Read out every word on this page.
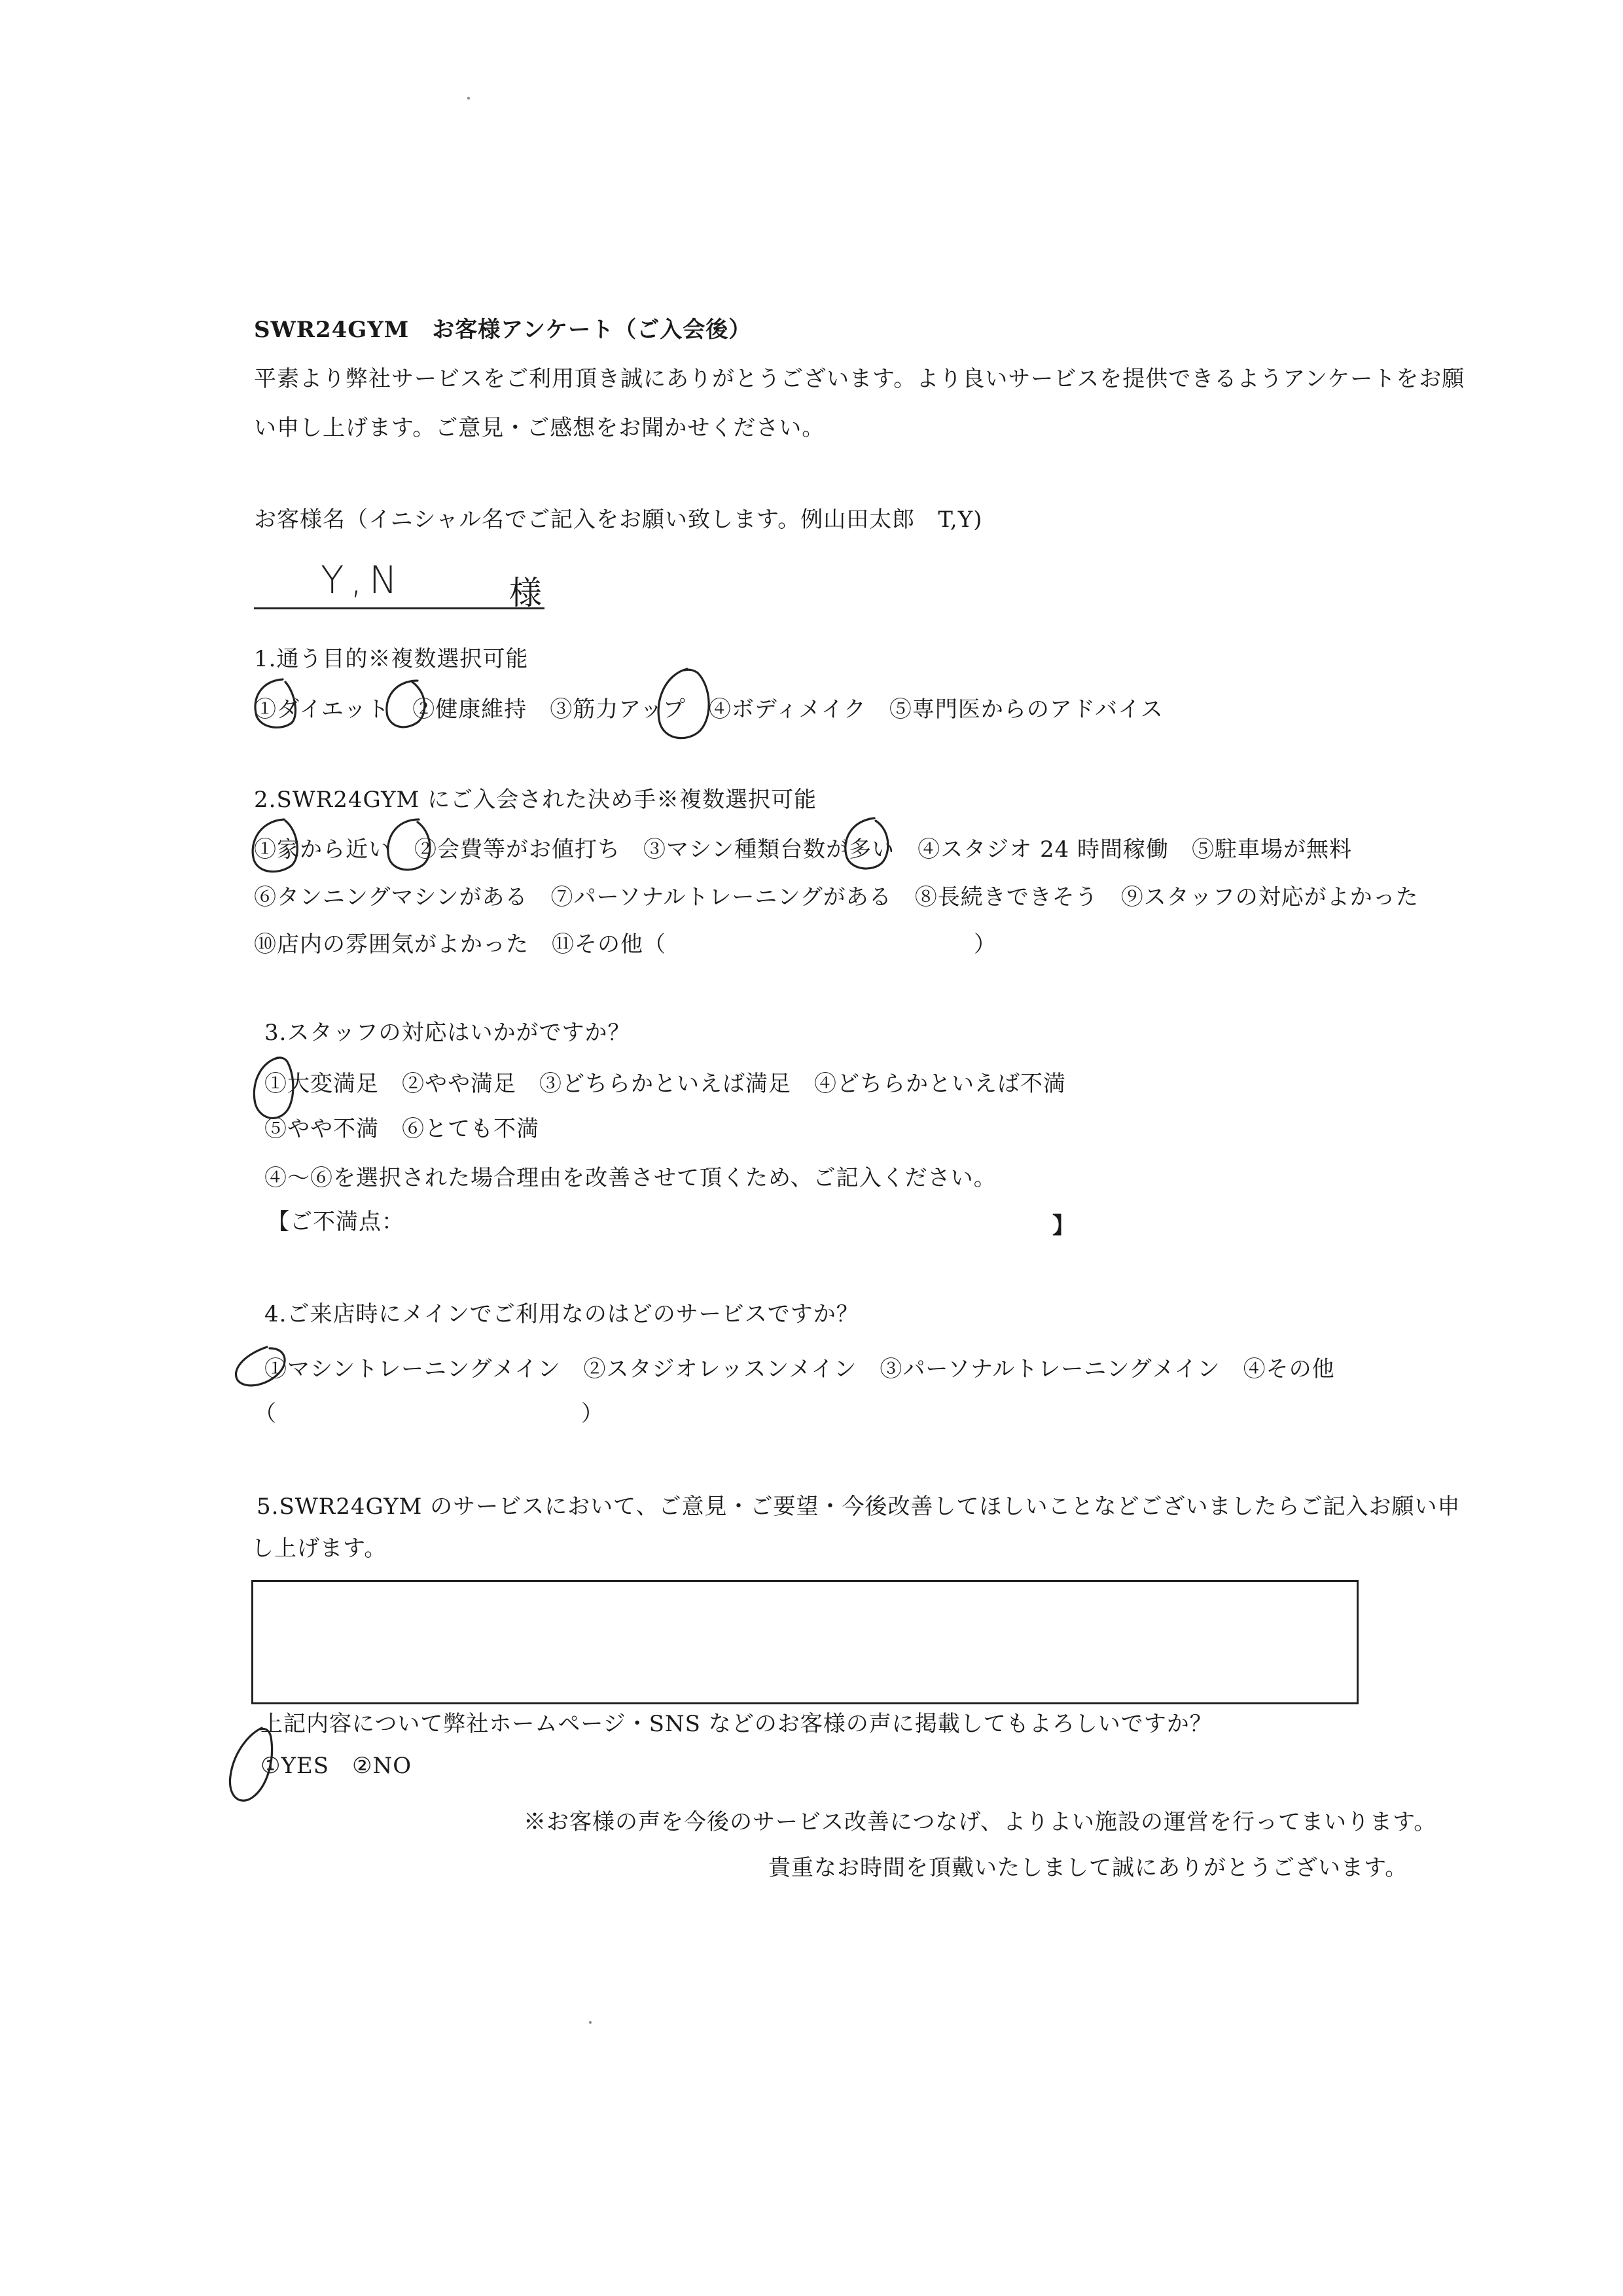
SWR24GYM　お客様アンケート（ご入会後）
平素より弊社サービスをご利用頂き誠にありがとうございます。より良いサービスを提供できるようアンケートをお願
い申し上げます。ご意見・ご感想をお聞かせください。
お客様名（イニシャル名でご記入をお願い致します。例山田太郎　T,Y)
Y,N	様
1.通う目的※複数選択可能
①ダイエット　②健康維持　③筋力アップ　④ボディメイク　⑤専門医からのアドバイス
2.SWR24GYM にご入会された決め手※複数選択可能
①家から近い　②会費等がお値打ち　③マシン種類台数が多い　④スタジオ 24 時間稼働　⑤駐車場が無料
⑥タンニングマシンがある　⑦パーソナルトレーニングがある　⑧長続きできそう　⑨スタッフの対応がよかった
⑩店内の雰囲気がよかった　⑪その他（	）
3.スタッフの対応はいかがですか？
①大変満足　②やや満足　③どちらかといえば満足　④どちらかといえば不満
⑤やや不満　⑥とても不満
④〜⑥を選択された場合理由を改善させて頂くため、ご記入ください。
【ご不満点：	】
4.ご来店時にメインでご利用なのはどのサービスですか？
①マシントレーニングメイン　②スタジオレッスンメイン　③パーソナルトレーニングメイン　④その他
（	）
5.SWR24GYM のサービスにおいて、ご意見・ご要望・今後改善してほしいことなどございましたらご記入お願い申
し上げます。
上記内容について弊社ホームページ・SNS などのお客様の声に掲載してもよろしいですか？
①YES　②NO
※お客様の声を今後のサービス改善につなげ、よりよい施設の運営を行ってまいります。
貴重なお時間を頂戴いたしまして誠にありがとうございます。
